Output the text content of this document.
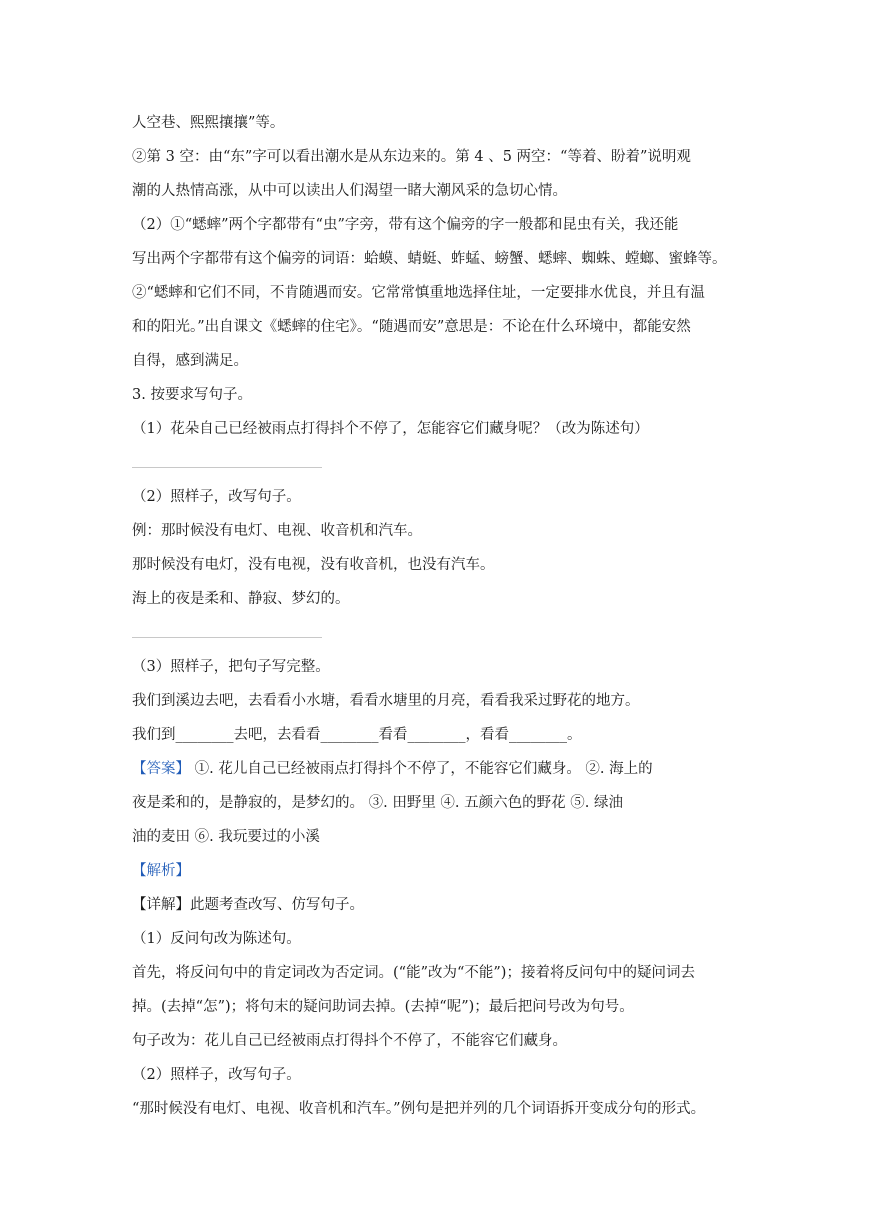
人空巷、熙熙攘攘”等。
②第 3 空：由“东”字可以看出潮水是从东边来的。第 4 、5 两空：“等着、盼着”说明观
潮的人热情高涨，从中可以读出人们渴望一睹大潮风采的急切心情。
（2）①“蟋蟀”两个字都带有“虫”字旁，带有这个偏旁的字一般都和昆虫有关，我还能
写出两个字都带有这个偏旁的词语：蛤蟆、蜻蜓、蚱蜢、螃蟹、蟋蟀、蜘蛛、螳螂、蜜蜂等。
②“蟋蟀和它们不同，不肯随遇而安。它常常慎重地选择住址，一定要排水优良，并且有温
和的阳光。”出自课文《蟋蟀的住宅》。“随遇而安”意思是：不论在什么环境中，都能安然
自得，感到满足。
3. 按要求写句子。
（1）花朵自己已经被雨点打得抖个不停了，怎能容它们藏身呢？（改为陈述句）
（2）照样子，改写句子。
例：那时候没有电灯、电视、收音机和汽车。
那时候没有电灯，没有电视，没有收音机，也没有汽车。
海上的夜是柔和、静寂、梦幻的。
（3）照样子，把句子写完整。
我们到溪边去吧，去看看小水塘，看看水塘里的月亮，看看我采过野花的地方。
我们到________去吧，去看看________看看________，看看________。
【答案】 ①. 花儿自己已经被雨点打得抖个不停了，不能容它们藏身。 ②. 海上的
夜是柔和的，是静寂的，是梦幻的。 ③. 田野里 ④. 五颜六色的野花 ⑤. 绿油
油的麦田 ⑥. 我玩要过的小溪
【解析】
【详解】此题考查改写、仿写句子。
（1）反问句改为陈述句。
首先，将反问句中的肯定词改为否定词。(“能”改为“不能”)；接着将反问句中的疑问词去
掉。(去掉“怎”)；将句末的疑问助词去掉。(去掉“呢”)；最后把问号改为句号。
句子改为：花儿自己已经被雨点打得抖个不停了，不能容它们藏身。
（2）照样子，改写句子。
“那时候没有电灯、电视、收音机和汽车。”例句是把并列的几个词语拆开变成分句的形式。
